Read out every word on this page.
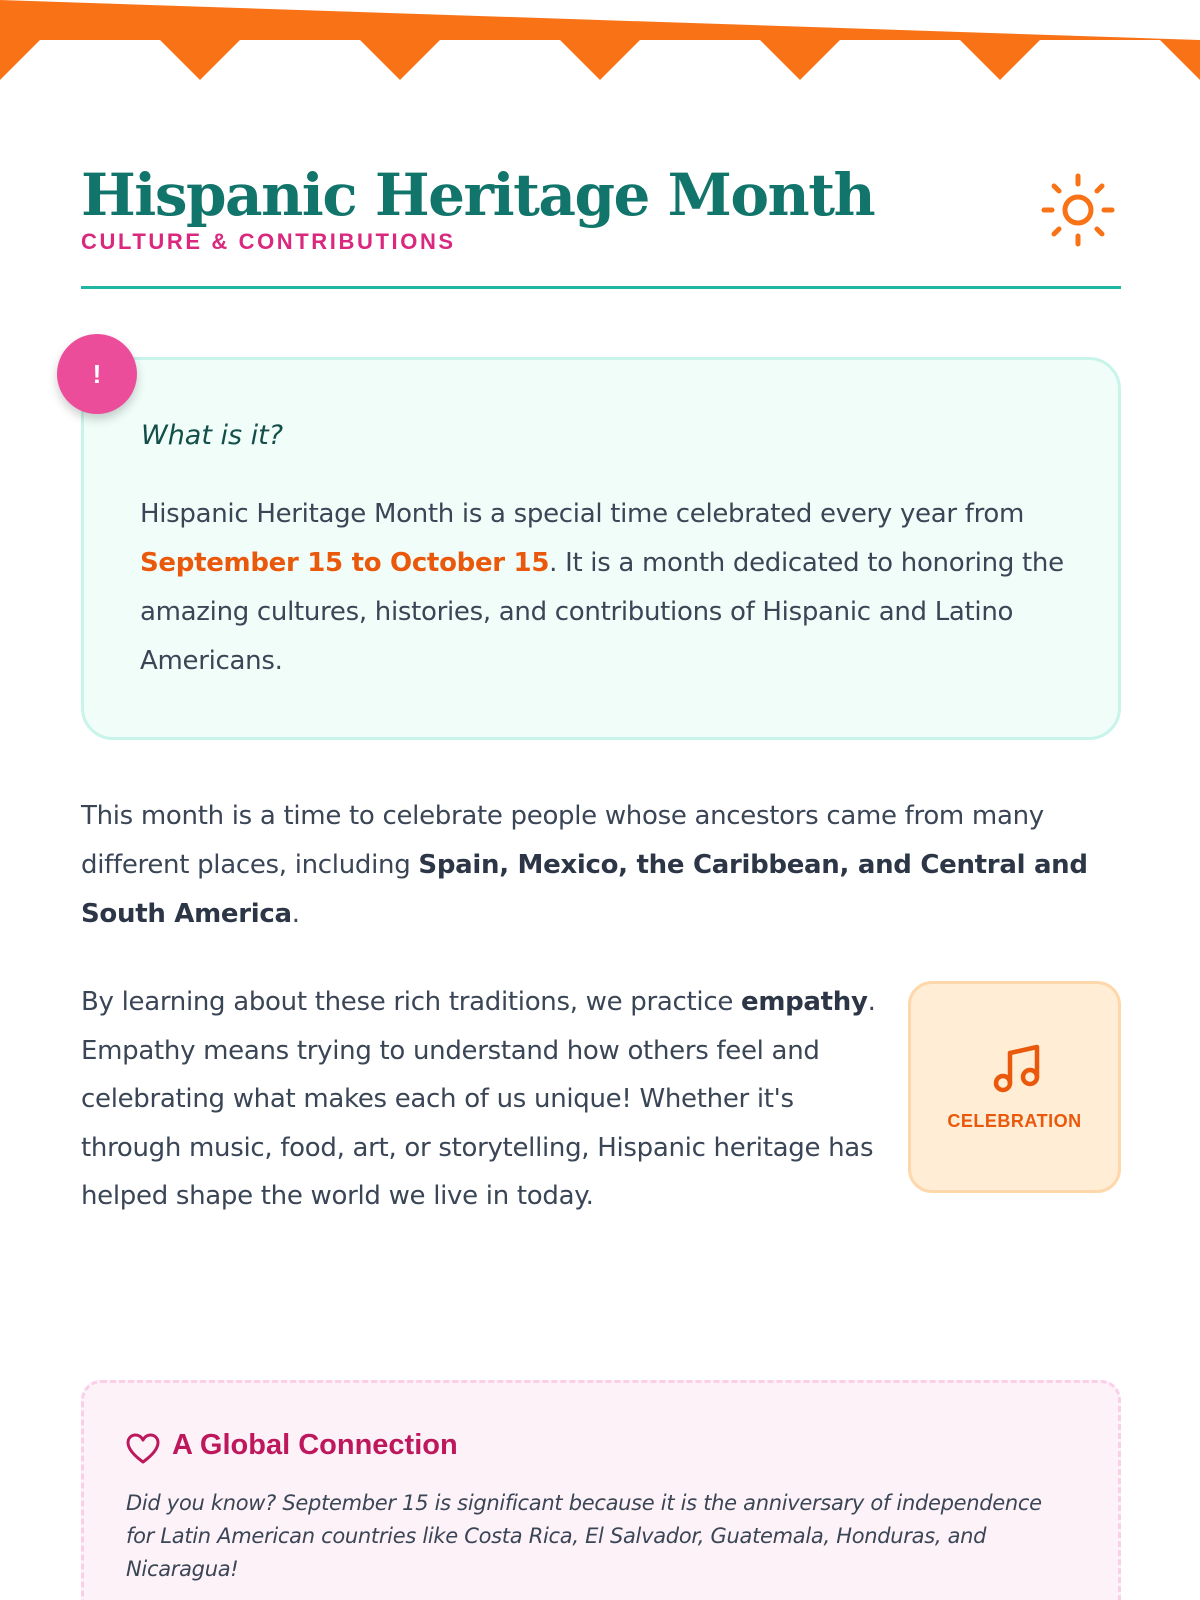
Hispanic Heritage Month
CULTURE & CONTRIBUTIONS
What is it?

Hispanic Heritage Month is a special time celebrated every year from September 15 to October 15. It is a month dedicated to honoring the amazing cultures, histories, and contributions of Hispanic and Latino Americans.

!

This month is a time to celebrate people whose ancestors came from many different places, including Spain, Mexico, the Caribbean, and Central and South America.

By learning about these rich traditions, we practice empathy. Empathy means trying to understand how others feel and celebrating what makes each of us unique! Whether it's through music, food, art, or storytelling, Hispanic heritage has helped shape the world we live in today.

CELEBRATION
A Global Connection

Did you know? September 15 is significant because it is the anniversary of independence for Latin American countries like Costa Rica, El Salvador, Guatemala, Honduras, and Nicaragua!
